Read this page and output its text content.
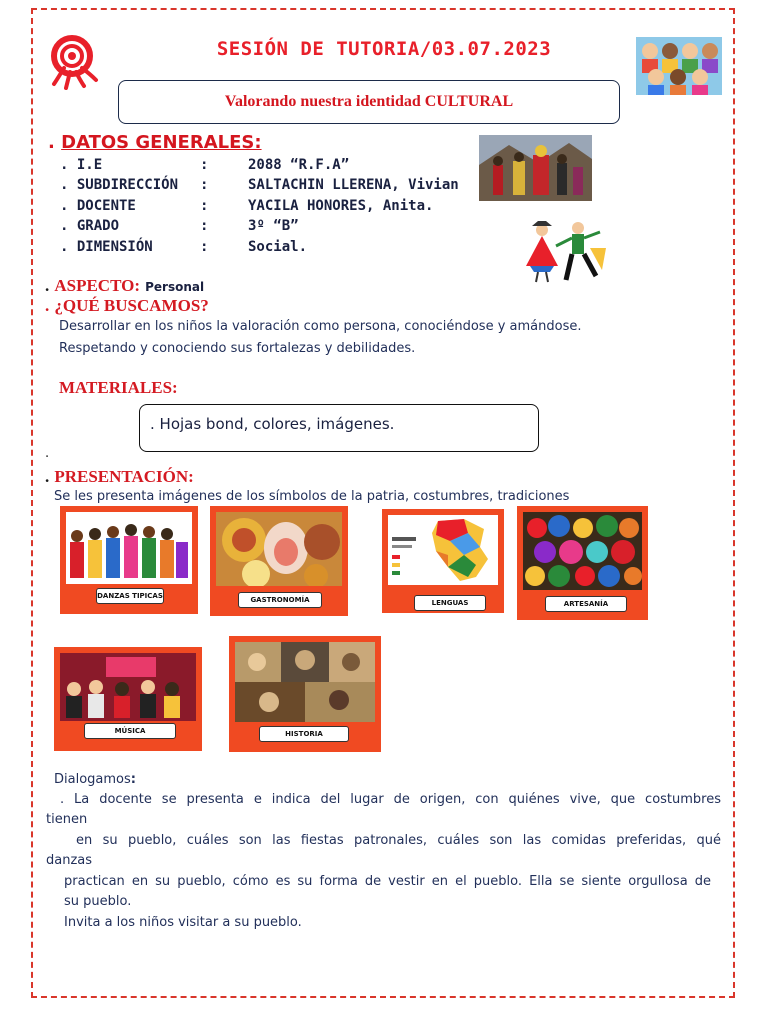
SESIÓN DE TUTORIA/03.07.2023
Valorando nuestra identidad CULTURAL
. DATOS GENERALES:
. I.E	:	2088 “R.F.A”
. SUBDIRECCIÓN :	SALTACHIN LLERENA, Vivian
. DOCENTE	:	YACILA HONORES, Anita.
. GRADO	:	3º “B”
. DIMENSIÓN	:	Social.
. ASPECTO: Personal
. ¿QUÉ BUSCAMOS?
Desarrollar en los niños la valoración como persona, conociéndose y amándose.
Respetando y conociendo sus fortalezas y debilidades.
MATERIALES:
. Hojas bond, colores, imágenes.
.
. PRESENTACIÓN:
Se les presenta imágenes de los símbolos de la patria, costumbres, tradiciones
DANZAS TIPICAS	GASTRONOMÍA	LENGUAS	ARTESANÍA
MÚSICA	HISTORIA
Dialogamos:
. La docente se presenta e indica del lugar de origen, con quiénes vive, que costumbres
tienen
en su pueblo, cuáles son las fiestas patronales, cuáles son las comidas preferidas, qué
danzas
practican en su pueblo, cómo es su forma de vestir en el pueblo. Ella se siente orgullosa de
su pueblo.
Invita a los niños visitar a su pueblo.
